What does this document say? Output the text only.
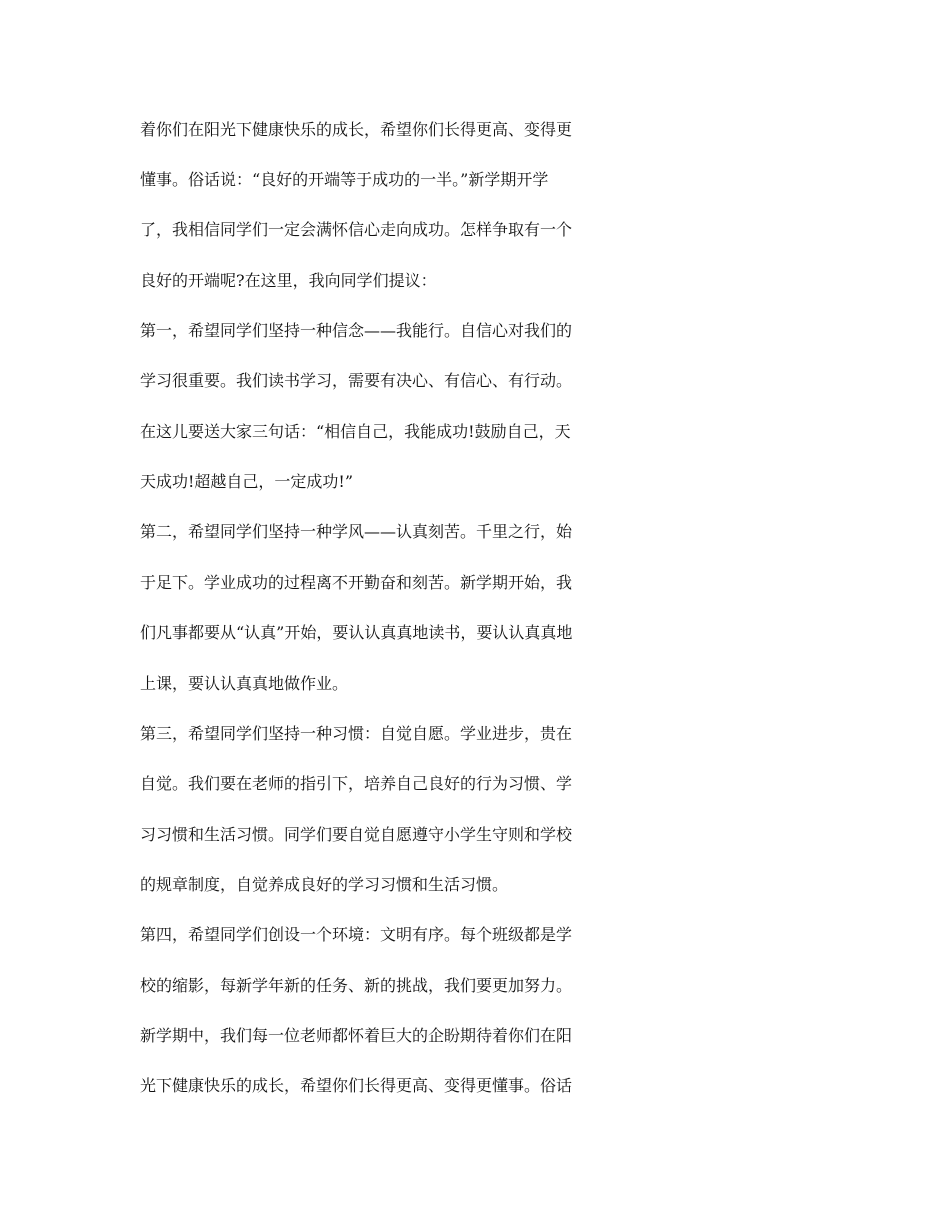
着你们在阳光下健康快乐的成长，希望你们长得更高、变得更
懂事。俗话说：“良好的开端等于成功的一半。”新学期开学
了，我相信同学们一定会满怀信心走向成功。怎样争取有一个
良好的开端呢?在这里，我向同学们提议：
第一，希望同学们坚持一种信念——我能行。自信心对我们的
学习很重要。我们读书学习，需要有决心、有信心、有行动。
在这儿要送大家三句话：“相信自己，我能成功!鼓励自己，天
天成功!超越自己，一定成功!”
第二，希望同学们坚持一种学风——认真刻苦。千里之行，始
于足下。学业成功的过程离不开勤奋和刻苦。新学期开始，我
们凡事都要从“认真”开始，要认认真真地读书，要认认真真地
上课，要认认真真地做作业。
第三，希望同学们坚持一种习惯：自觉自愿。学业进步，贵在
自觉。我们要在老师的指引下，培养自己良好的行为习惯、学
习习惯和生活习惯。同学们要自觉自愿遵守小学生守则和学校
的规章制度，自觉养成良好的学习习惯和生活习惯。
第四，希望同学们创设一个环境：文明有序。每个班级都是学
校的缩影，每新学年新的任务、新的挑战，我们要更加努力。
新学期中，我们每一位老师都怀着巨大的企盼期待着你们在阳
光下健康快乐的成长，希望你们长得更高、变得更懂事。俗话
